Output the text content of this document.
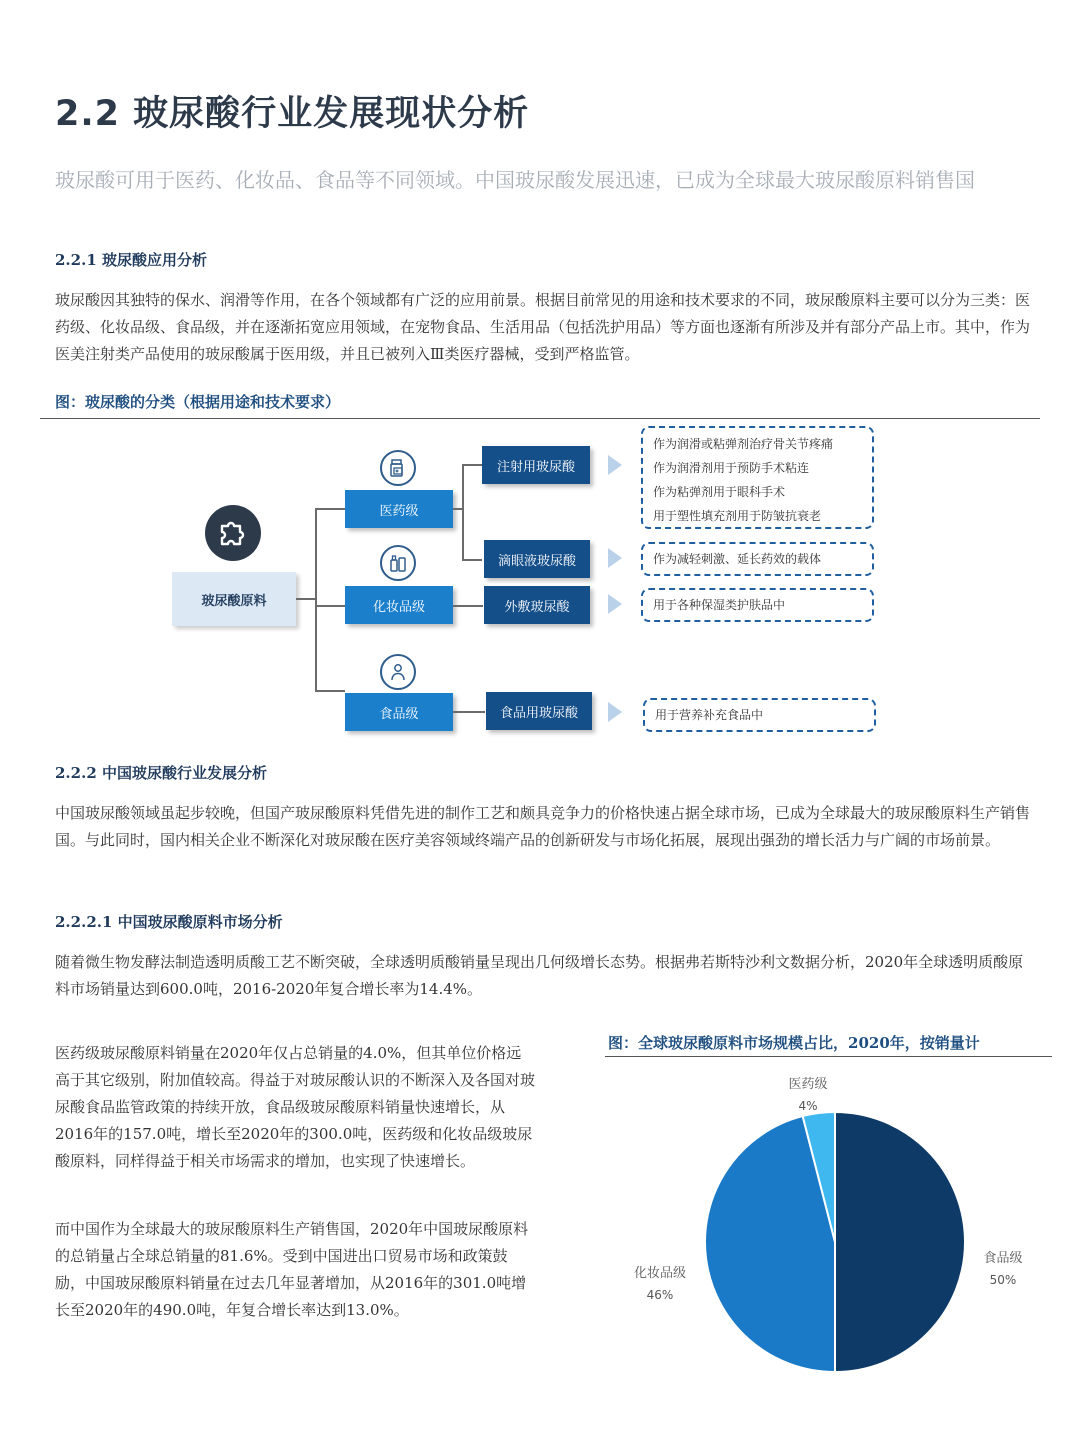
2.2 玻尿酸行业发展现状分析

玻尿酸可用于医药、化妆品、食品等不同领域。中国玻尿酸发展迅速，已成为全球最大玻尿酸原料销售国

2.2.1 玻尿酸应用分析

玻尿酸因其独特的保水、润滑等作用，在各个领域都有广泛的应用前景。根据目前常见的用途和技术要求的不同，玻尿酸原料主要可以分为三类：医药级、化妆品级、食品级，并在逐渐拓宽应用领域，在宠物食品、生活用品（包括洗护用品）等方面也逐渐有所涉及并有部分产品上市。其中，作为医美注射类产品使用的玻尿酸属于医用级，并且已被列入Ⅲ类医疗器械，受到严格监管。

图：玻尿酸的分类（根据用途和技术要求）
玻尿酸原料
医药级
化妆品级
食品级
注射用玻尿酸
滴眼液玻尿酸
外敷玻尿酸
食品用玻尿酸
作为润滑或粘弹剂治疗骨关节疼痛
作为润滑剂用于预防手术粘连
作为粘弹剂用于眼科手术
用于塑性填充剂用于防皱抗衰老
作为减轻刺激、延长药效的载体
用于各种保湿类护肤品中
用于营养补充食品中
2.2.2 中国玻尿酸行业发展分析

中国玻尿酸领域虽起步较晚，但国产玻尿酸原料凭借先进的制作工艺和颇具竞争力的价格快速占据全球市场，已成为全球最大的玻尿酸原料生产销售国。与此同时，国内相关企业不断深化对玻尿酸在医疗美容领域终端产品的创新研发与市场化拓展，展现出强劲的增长活力与广阔的市场前景。

2.2.2.1 中国玻尿酸原料市场分析

随着微生物发酵法制造透明质酸工艺不断突破，全球透明质酸销量呈现出几何级增长态势。根据弗若斯特沙利文数据分析，2020年全球透明质酸原料市场销量达到600.0吨，2016-2020年复合增长率为14.4%。

医药级玻尿酸原料销量在2020年仅占总销量的4.0%，但其单位价格远高于其它级别，附加值较高。得益于对玻尿酸认识的不断深入及各国对玻尿酸食品监管政策的持续开放，食品级玻尿酸原料销量快速增长，从2016年的157.0吨，增长至2020年的300.0吨，医药级和化妆品级玻尿酸原料，同样得益于相关市场需求的增加，也实现了快速增长。

而中国作为全球最大的玻尿酸原料生产销售国，2020年中国玻尿酸原料的总销量占全球总销量的81.6%。受到中国进出口贸易市场和政策鼓励，中国玻尿酸原料销量在过去几年显著增加，从2016年的301.0吨增长至2020年的490.0吨，年复合增长率达到13.0%。

图：全球玻尿酸原料市场规模占比，2020年，按销量计
食品级
50%
化妆品级
46%
医药级
4%
